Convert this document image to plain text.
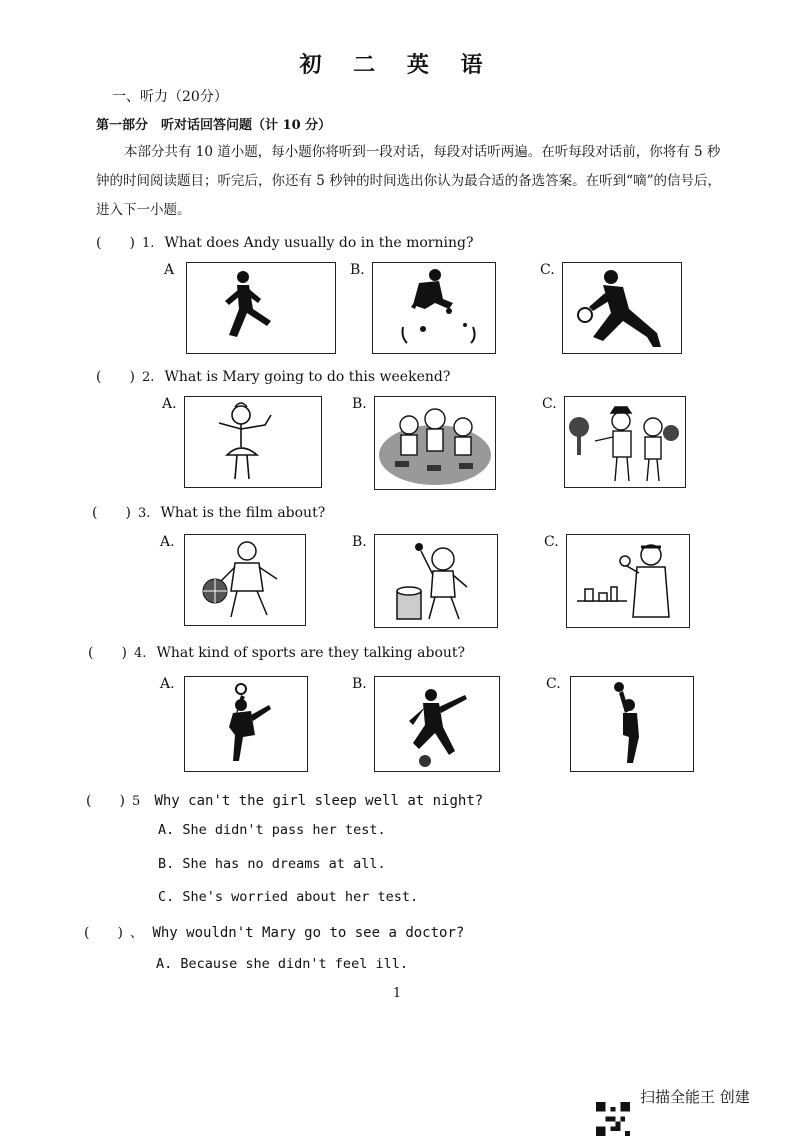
初 二 英 语
一、听力（20分）
第一部分　听对话回答问题（计 10 分）
本部分共有 10 道小题，每小题你将听到一段对话，每段对话听两遍。在听每段对话前，你将有 5 秒钟的时间阅读题目；听完后，你还有 5 秒钟的时间选出你认为最合适的备选答案。在听到“嘀”的信号后，进入下一小题。
(　　) 1. What does Andy usually do in the morning?
A	B.	C.
(　　) 2. What is Mary going to do this weekend?
A.	B.	C.
(　　) 3. What is the film about?
A.	B.	C.
(　　) 4. What kind of sports are they talking about?
A.	B.	C.
(　　) 5 Why can't the girl sleep well at night?
A. She didn't pass her test.
B. She has no dreams at all.
C. She's worried about her test.
(　　) 、 Why wouldn't Mary go to see a doctor?
A. Because she didn't feel ill.
1
扫描全能王 创建
